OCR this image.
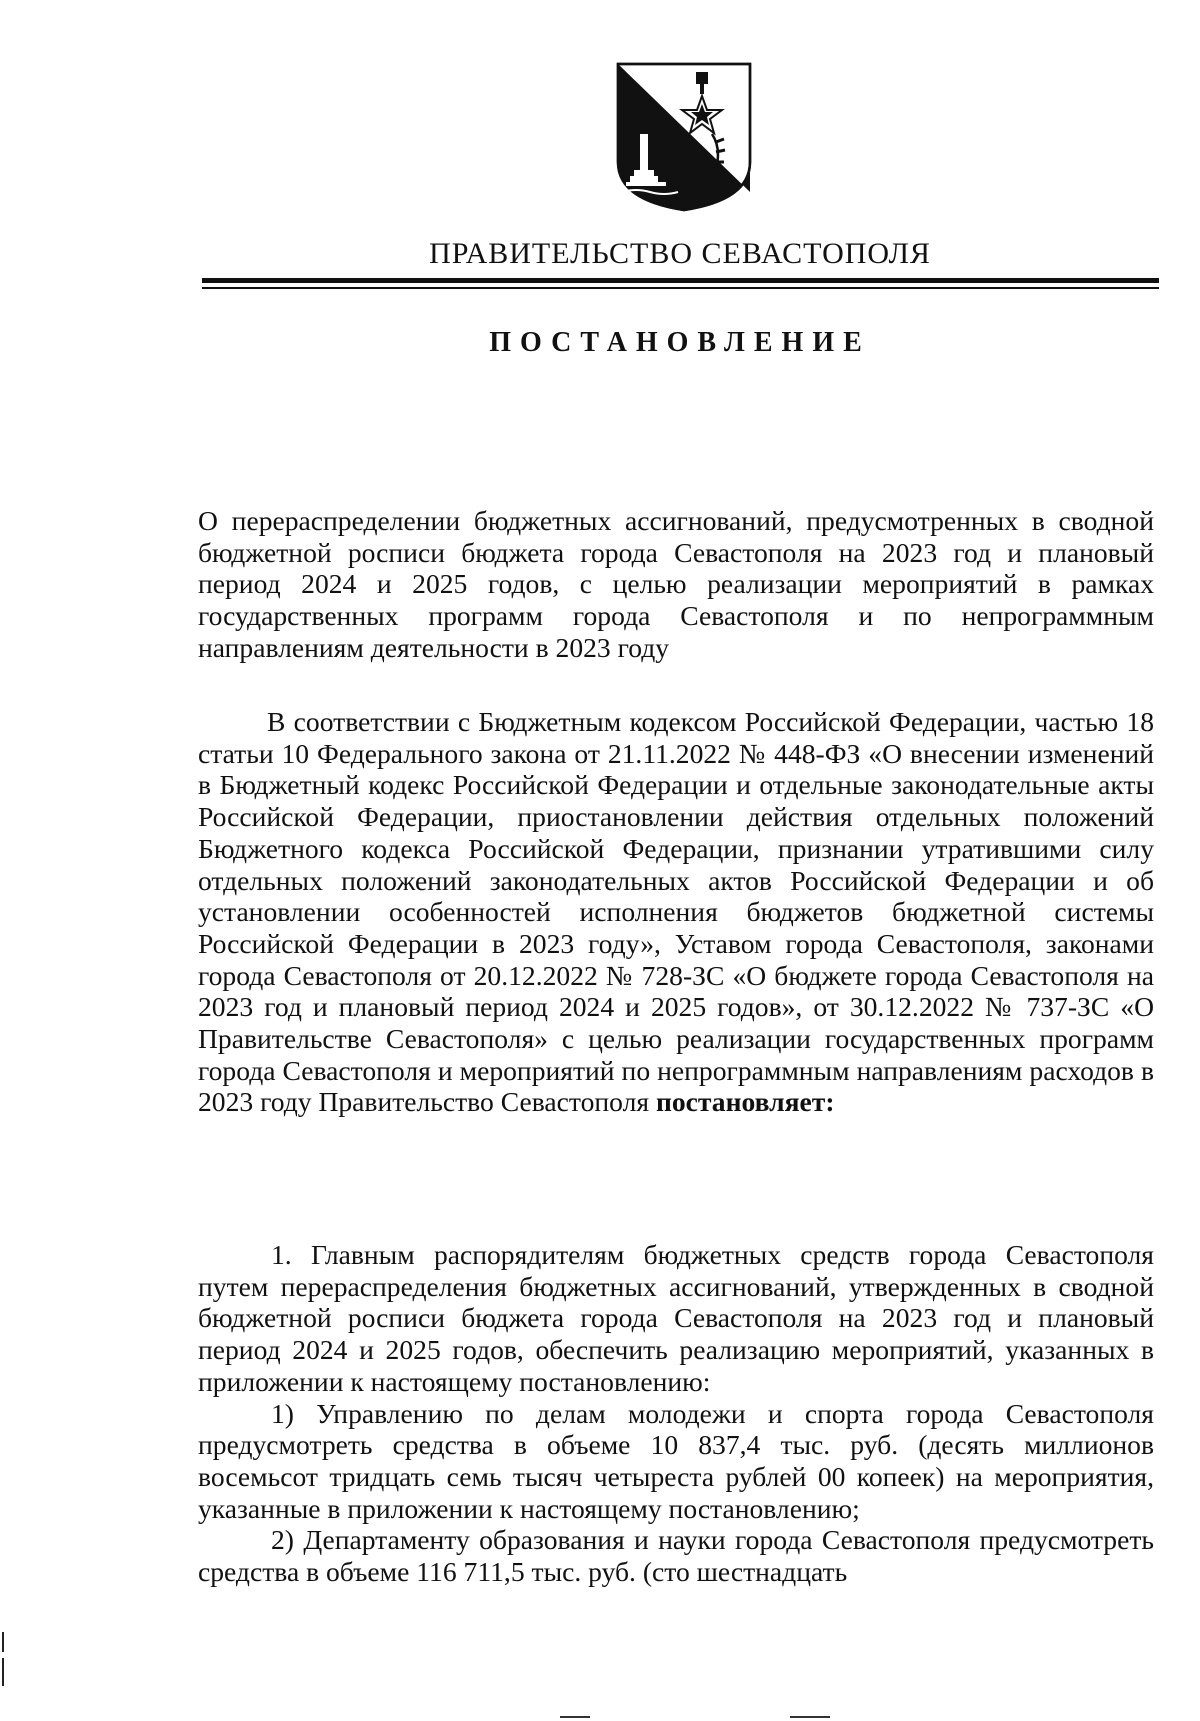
ПРАВИТЕЛЬСТВО СЕВАСТОПОЛЯ
ПОСТАНОВЛЕНИЕ

О перераспределении бюджетных ассигнований, предусмотренных в сводной бюджетной росписи бюджета города Севастополя на 2023 год и плановый период 2024 и 2025 годов, с целью реализации мероприятий в рамках государственных программ города Севастополя и по непрограммным направлениям деятельности в 2023 году

В соответствии с Бюджетным кодексом Российской Федерации, частью 18 статьи 10 Федерального закона от 21.11.2022 № 448-ФЗ «О внесении изменений в Бюджетный кодекс Российской Федерации и отдельные законодательные акты Российской Федерации, приостановлении действия отдельных положений Бюджетного кодекса Российской Федерации, признании утратившими силу отдельных положений законодательных актов Российской Федерации и об установлении особенностей исполнения бюджетов бюджетной системы Российской Федерации в 2023 году», Уставом города Севастополя, законами города Севастополя от 20.12.2022 № 728-ЗС «О бюджете города Севастополя на 2023 год и плановый период 2024 и 2025 годов», от 30.12.2022 № 737-ЗС «О Правительстве Севастополя» с целью реализации государственных программ города Севастополя и мероприятий по непрограммным направлениям расходов в 2023 году Правительство Севастополя постановляет:

1. Главным распорядителям бюджетных средств города Севастополя путем перераспределения бюджетных ассигнований, утвержденных в сводной бюджетной росписи бюджета города Севастополя на 2023 год и плановый период 2024 и 2025 годов, обеспечить реализацию мероприятий, указанных в приложении к настоящему постановлению:

1) Управлению по делам молодежи и спорта города Севастополя предусмотреть средства в объеме 10 837,4 тыс. руб. (десять миллионов восемьсот тридцать семь тысяч четыреста рублей 00 копеек) на мероприятия, указанные в приложении к настоящему постановлению;

2) Департаменту образования и науки города Севастополя предусмотреть средства в объеме 116 711,5 тыс. руб. (сто шестнадцать
